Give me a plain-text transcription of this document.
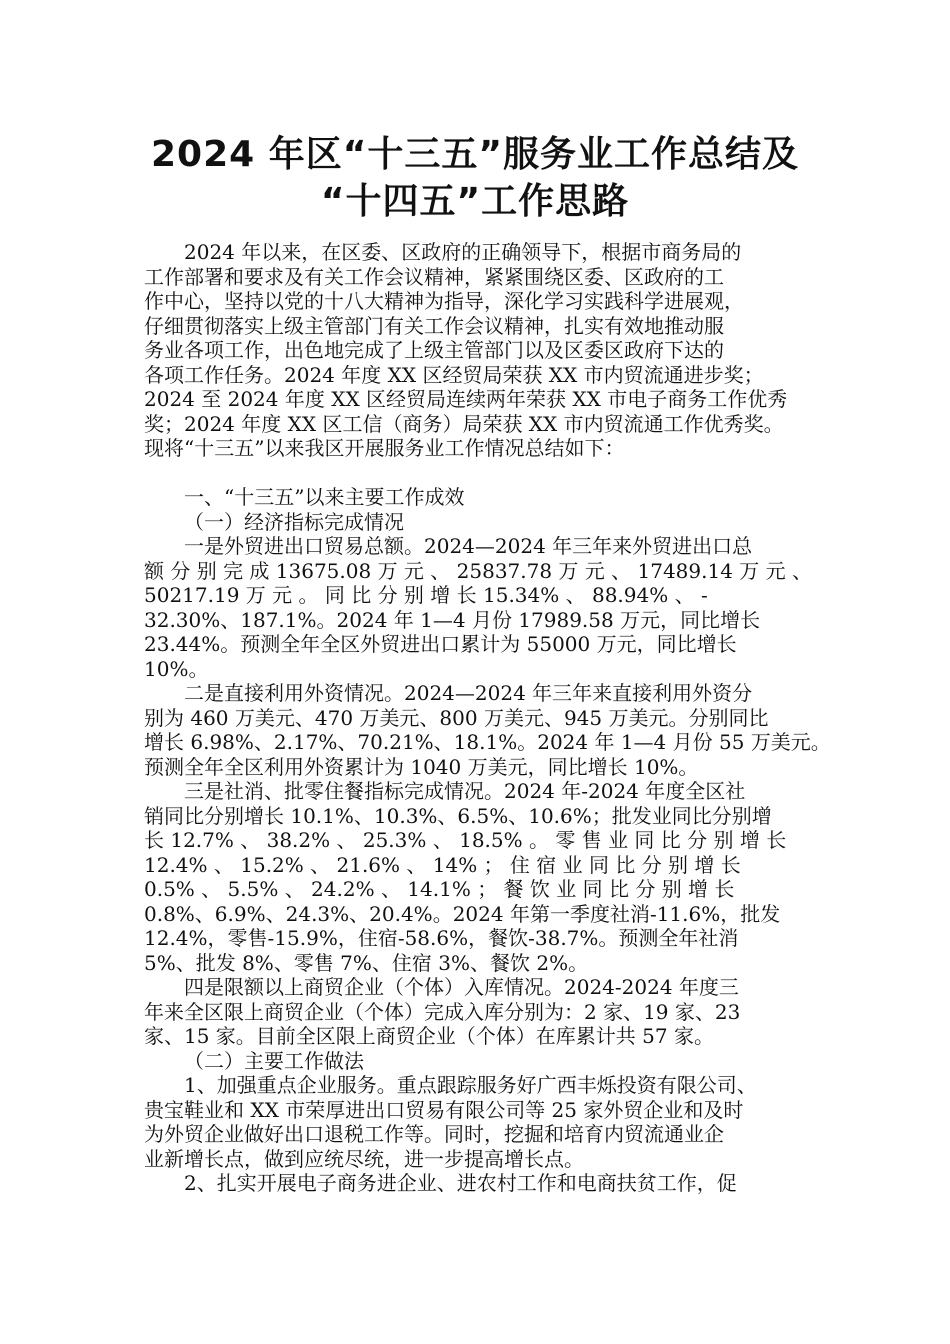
2024 年区“十三五”服务业工作总结及
“十四五”工作思路
2024 年以来，在区委、区政府的正确领导下，根据市商务局的
工作部署和要求及有关工作会议精神，紧紧围绕区委、区政府的工
作中心，坚持以党的十八大精神为指导，深化学习实践科学进展观，
仔细贯彻落实上级主管部门有关工作会议精神，扎实有效地推动服
务业各项工作，出色地完成了上级主管部门以及区委区政府下达的
各项工作任务。2024 年度 XX 区经贸局荣获 XX 市内贸流通进步奖；
2024 至 2024 年度 XX 区经贸局连续两年荣获 XX 市电子商务工作优秀
奖；2024 年度 XX 区工信（商务）局荣获 XX 市内贸流通工作优秀奖。
现将“十三五”以来我区开展服务业工作情况总结如下：
一、“十三五”以来主要工作成效
（一）经济指标完成情况
一是外贸进出口贸易总额。2024—2024 年三年来外贸进出口总
额 分 别 完 成 13675.08 万 元 、 25837.78 万 元 、 17489.14 万 元 、
50217.19 万 元 。 同 比 分 别 增 长 15.34% 、 88.94% 、 -
32.30%、187.1%。2024 年 1—4 月份 17989.58 万元，同比增长
23.44%。预测全年全区外贸进出口累计为 55000 万元，同比增长
10%。
二是直接利用外资情况。2024—2024 年三年来直接利用外资分
别为 460 万美元、470 万美元、800 万美元、945 万美元。分别同比
增长 6.98%、2.17%、70.21%、18.1%。2024 年 1—4 月份 55 万美元。
预测全年全区利用外资累计为 1040 万美元，同比增长 10%。
三是社消、批零住餐指标完成情况。2024 年-2024 年度全区社
销同比分别增长 10.1%、10.3%、6.5%、10.6%；批发业同比分别增
长 12.7% 、 38.2% 、 25.3% 、 18.5% 。 零 售 业 同 比 分 别 增 长
12.4% 、 15.2% 、 21.6% 、 14% ； 住 宿 业 同 比 分 别 增 长
0.5% 、 5.5% 、 24.2% 、 14.1% ； 餐 饮 业 同 比 分 别 增 长
0.8%、6.9%、24.3%、20.4%。2024 年第一季度社消-11.6%，批发
12.4%，零售-15.9%，住宿-58.6%，餐饮-38.7%。预测全年社消
5%、批发 8%、零售 7%、住宿 3%、餐饮 2%。
四是限额以上商贸企业（个体）入库情况。2024-2024 年度三
年来全区限上商贸企业（个体）完成入库分别为：2 家、19 家、23
家、15 家。目前全区限上商贸企业（个体）在库累计共 57 家。
（二）主要工作做法
1、加强重点企业服务。重点跟踪服务好广西丰烁投资有限公司、
贵宝鞋业和 XX 市荣厚进出口贸易有限公司等 25 家外贸企业和及时
为外贸企业做好出口退税工作等。同时，挖掘和培育内贸流通业企
业新增长点，做到应统尽统，进一步提高增长点。
2、扎实开展电子商务进企业、进农村工作和电商扶贫工作，促
